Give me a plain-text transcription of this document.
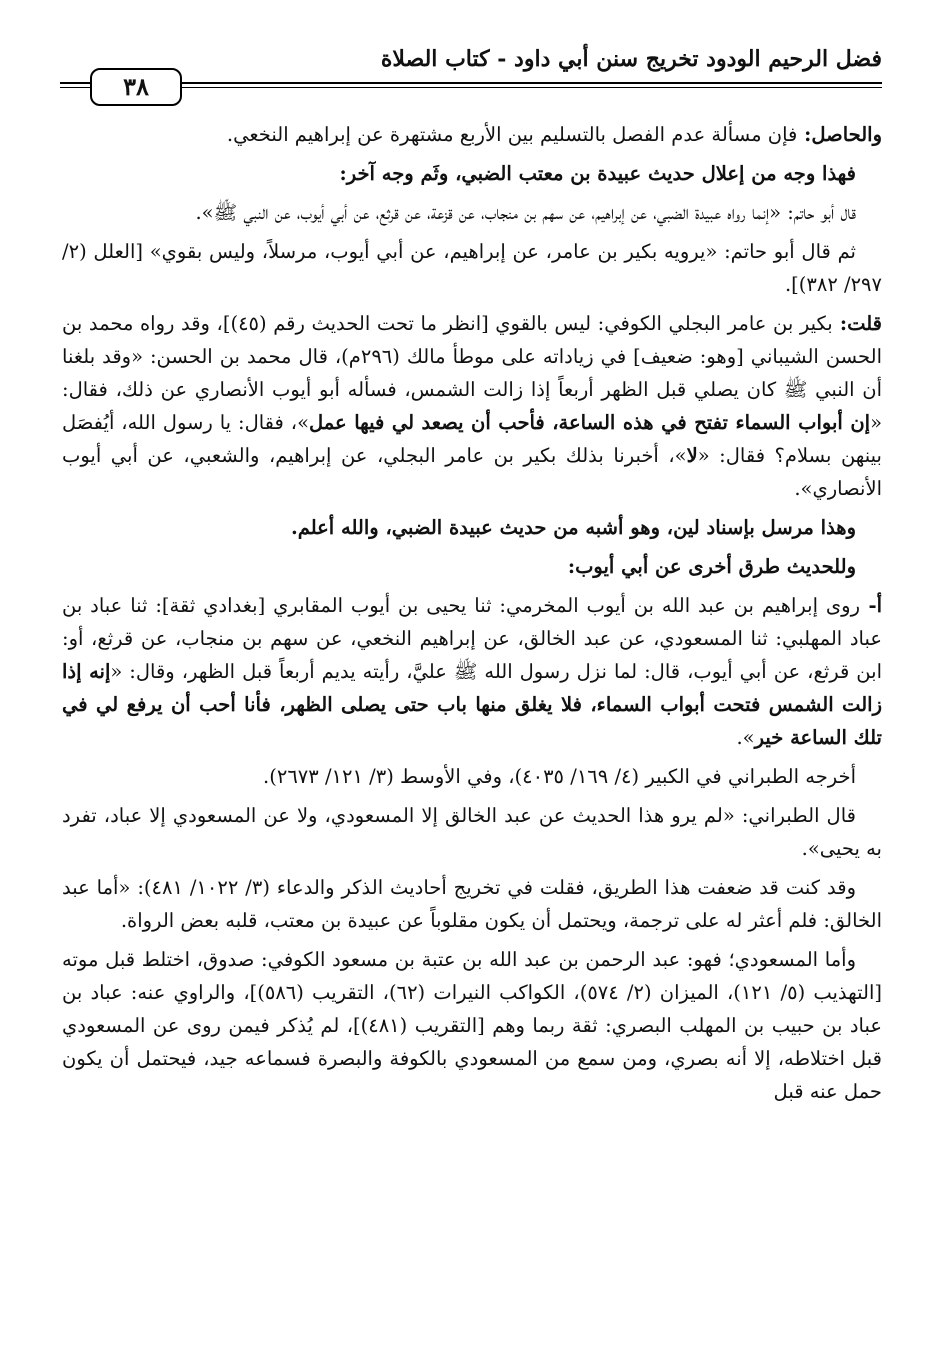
فضل الرحيم الودود تخريج سنن أبي داود - كتاب الصلاة
٣٨

والحاصل: فإن مسألة عدم الفصل بالتسليم بين الأربع مشتهرة عن إبراهيم النخعي.

فهذا وجه من إعلال حديث عبيدة بن معتب الضبي، وثَم وجه آخر:

قال أبو حاتم: «إنما رواه عبيدة الضبي، عن إبراهيم، عن سهم بن منجاب، عن قزعة، عن قرثع، عن أبي أيوب، عن النبي ﷺ».

ثم قال أبو حاتم: «يرويه بكير بن عامر، عن إبراهيم، عن أبي أيوب، مرسلاً، وليس بقوي» [العلل (٢/ ٢٩٧/ ٣٨٢)].

قلت: بكير بن عامر البجلي الكوفي: ليس بالقوي [انظر ما تحت الحديث رقم (٤٥)]، وقد رواه محمد بن الحسن الشيباني [وهو: ضعيف] في زياداته على موطأ مالك (٢٩٦م)، قال محمد بن الحسن: «وقد بلغنا أن النبي ﷺ كان يصلي قبل الظهر أربعاً إذا زالت الشمس، فسأله أبو أيوب الأنصاري عن ذلك، فقال: «إن أبواب السماء تفتح في هذه الساعة، فأحب أن يصعد لي فيها عمل»، فقال: يا رسول الله، أيُفصَل بينهن بسلام؟ فقال: «لا»، أخبرنا بذلك بكير بن عامر البجلي، عن إبراهيم، والشعبي، عن أبي أيوب الأنصاري».

وهذا مرسل بإسناد لين، وهو أشبه من حديث عبيدة الضبي، والله أعلم.

وللحديث طرق أخرى عن أبي أيوب:

أ- روى إبراهيم بن عبد الله بن أيوب المخرمي: ثنا يحيى بن أيوب المقابري [بغدادي ثقة]: ثنا عباد بن عباد المهلبي: ثنا المسعودي، عن عبد الخالق، عن إبراهيم النخعي، عن سهم بن منجاب، عن قرثع، أو: ابن قرثع، عن أبي أيوب، قال: لما نزل رسول الله ﷺ عليَّ، رأيته يديم أربعاً قبل الظهر، وقال: «إنه إذا زالت الشمس فتحت أبواب السماء، فلا يغلق منها باب حتى يصلى الظهر، فأنا أحب أن يرفع لي في تلك الساعة خير».

أخرجه الطبراني في الكبير (٤/ ١٦٩/ ٤٠٣٥)، وفي الأوسط (٣/ ١٢١/ ٢٦٧٣).

قال الطبراني: «لم يرو هذا الحديث عن عبد الخالق إلا المسعودي، ولا عن المسعودي إلا عباد، تفرد به يحيى».

وقد كنت قد ضعفت هذا الطريق، فقلت في تخريج أحاديث الذكر والدعاء (٣/ ١٠٢٢/ ٤٨١): «أما عبد الخالق: فلم أعثر له على ترجمة، ويحتمل أن يكون مقلوباً عن عبيدة بن معتب، قلبه بعض الرواة.

وأما المسعودي؛ فهو: عبد الرحمن بن عبد الله بن عتبة بن مسعود الكوفي: صدوق، اختلط قبل موته [التهذيب (٥/ ١٢١)، الميزان (٢/ ٥٧٤)، الكواكب النيرات (٦٢)، التقريب (٥٨٦)]، والراوي عنه: عباد بن عباد بن حبيب بن المهلب البصري: ثقة ربما وهم [التقريب (٤٨١)]، لم يُذكر فيمن روى عن المسعودي قبل اختلاطه، إلا أنه بصري، ومن سمع من المسعودي بالكوفة والبصرة فسماعه جيد، فيحتمل أن يكون حمل عنه قبل
